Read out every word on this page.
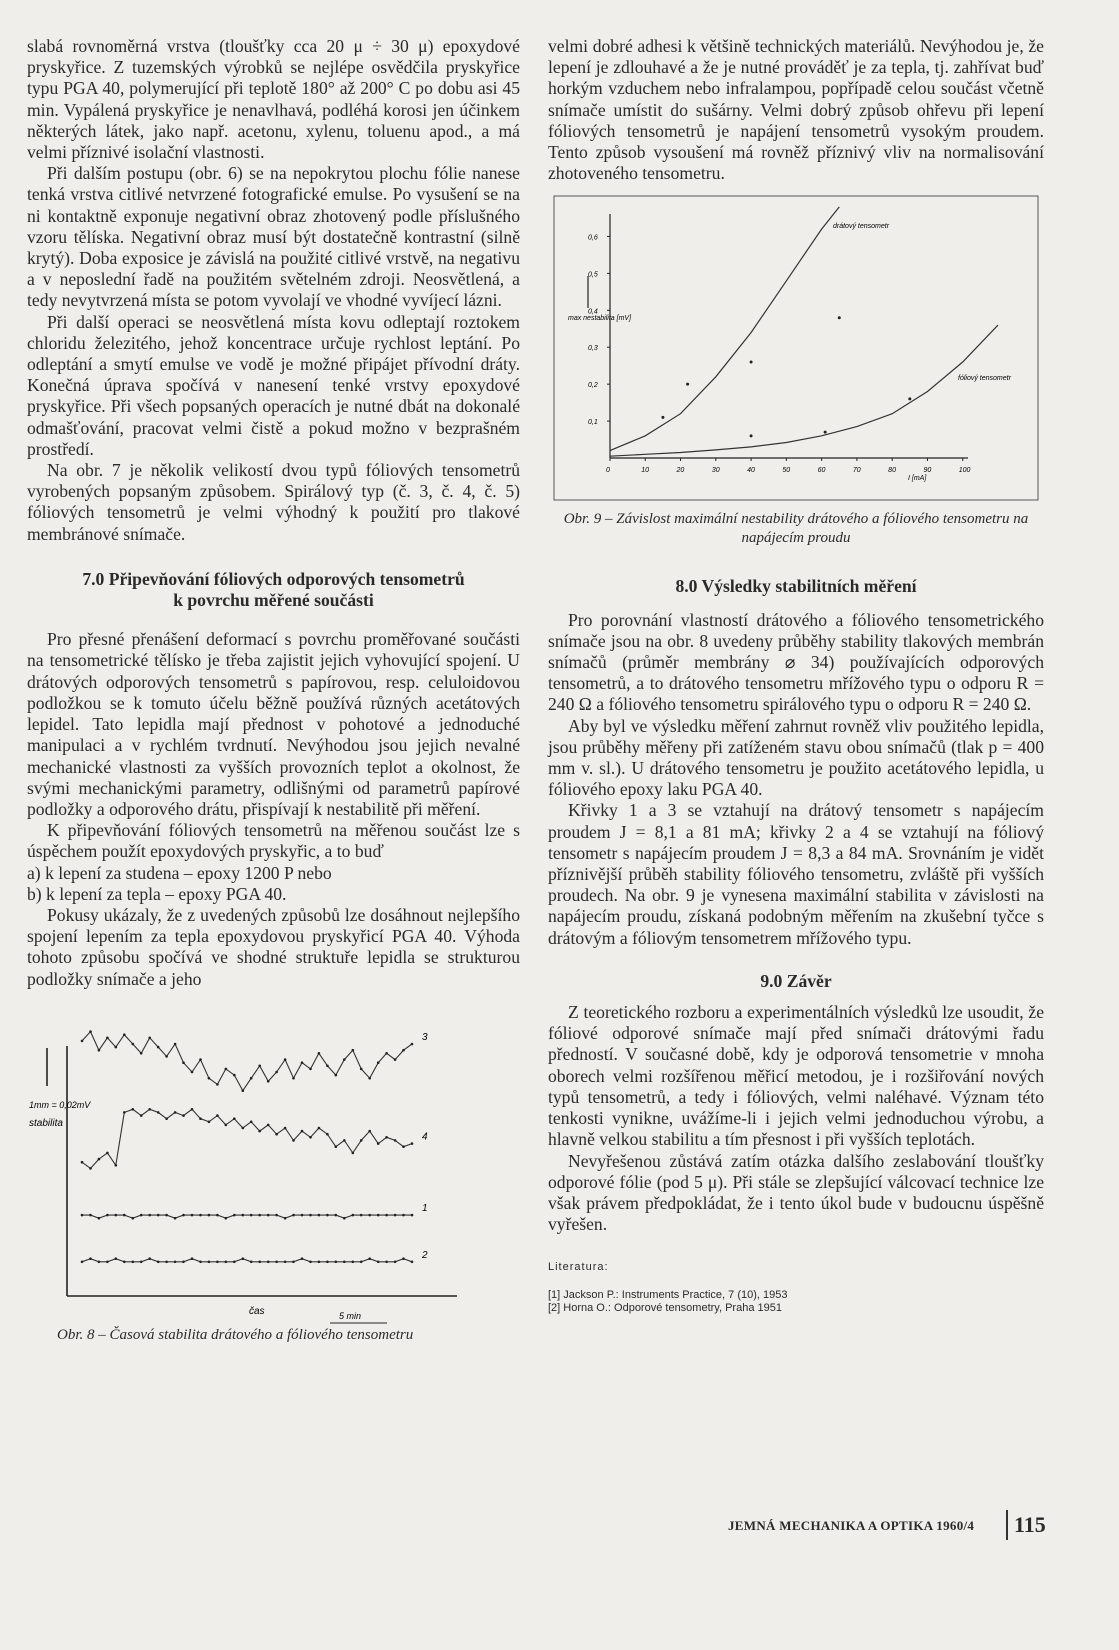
slabá rovnoměrná vrstva (tloušťky cca 20 μ ÷ 30 μ) epoxydové pryskyřice. Z tuzemských výrobků se nejlépe osvědčila pryskyřice typu PGA 40, polymerující při teplotě 180° až 200° C po dobu asi 45 min. Vypálená pryskyřice je nenavlhavá, podléhá korosi jen účinkem některých látek, jako např. acetonu, xylenu, toluenu apod., a má velmi příznivé isolační vlastnosti.

Při dalším postupu (obr. 6) se na nepokrytou plochu fólie nanese tenká vrstva citlivé netvrzené fotografické emulse. Po vysušení se na ni kontaktně exponuje negativní obraz zhotovený podle příslušného vzoru tělíska. Negativní obraz musí být dostatečně kontrastní (silně krytý). Doba exposice je závislá na použité citlivé vrstvě, na negativu a v neposlední řadě na použitém světelném zdroji. Neosvětlená, a tedy nevytvrzená místa se potom vyvolají ve vhodné vyvíjecí lázni.

Při další operaci se neosvětlená místa kovu odleptají roztokem chloridu železitého, jehož koncentrace určuje rychlost leptání. Po odleptání a smytí emulse ve vodě je možné připájet přívodní dráty. Konečná úprava spočívá v nanesení tenké vrstvy epoxydové pryskyřice. Při všech popsaných operacích je nutné dbát na dokonalé odmašťování, pracovat velmi čistě a pokud možno v bezprašném prostředí.

Na obr. 7 je několik velikostí dvou typů fóliových tensometrů vyrobených popsaným způsobem. Spirálový typ (č. 3, č. 4, č. 5) fóliových tensometrů je velmi výhodný k použití pro tlakové membránové snímače.

7.0 Připevňování fóliových odporových tensometrů
k povrchu měřené součásti

Pro přesné přenášení deformací s povrchu proměřované součásti na tensometrické tělísko je třeba zajistit jejich vyhovující spojení. U drátových odporových tensometrů s papírovou, resp. celuloidovou podložkou se k tomuto účelu běžně používá různých acetátových lepidel. Tato lepidla mají přednost v pohotové a jednoduché manipulaci a v rychlém tvrdnutí. Nevýhodou jsou jejich nevalné mechanické vlastnosti za vyšších provozních teplot a okolnost, že svými mechanickými parametry, odlišnými od parametrů papírové podložky a odporového drátu, přispívají k nestabilitě při měření.

K připevňování fóliových tensometrů na měřenou součást lze s úspěchem použít epoxydových pryskyřic, a to buď

a) k lepení za studena – epoxy 1200 P nebo

b) k lepení za tepla – epoxy PGA 40.

Pokusy ukázaly, že z uvedených způsobů lze dosáhnout nejlepšího spojení lepením za tepla epoxydovou pryskyřicí PGA 40. Výhoda tohoto způsobu spočívá ve shodné struktuře lepidla se strukturou podložky snímače a jeho

1mm = 0,02mV
stabilita
čas	5 min
3
4
1
2
Obr. 8 – Časová stabilita drátového a fóliového tensometru

velmi dobré adhesi k většině technických materiálů. Nevýhodou je, že lepení je zdlouhavé a že je nutné prováděť je za tepla, tj. zahřívat buď horkým vzduchem nebo infralampou, popřípadě celou součást včetně snímače umístit do sušárny. Velmi dobrý způsob ohřevu při lepení fóliových tensometrů je napájení tensometrů vysokým proudem. Tento způsob vysoušení má rovněž příznivý vliv na normalisování zhotoveného tensometru.

max nestabilita [mV]
0,1
0,2
0,3
0,4
0,5
0,6
0	10	20	30	40	50	60	70	80	90	100
I [mA]
drátový tensometr
fóliový tensometr
Obr. 9 – Závislost maximální nestability drátového a fóliového tensometru na napájecím proudu
8.0 Výsledky stabilitních měření

Pro porovnání vlastností drátového a fóliového tensometrického snímače jsou na obr. 8 uvedeny průběhy stability tlakových membrán snímačů (průměr membrány ⌀ 34) používajících odporových tensometrů, a to drátového tensometru mřížového typu o odporu R = 240 Ω a fóliového tensometru spirálového typu o odporu R = 240 Ω.

Aby byl ve výsledku měření zahrnut rovněž vliv použitého lepidla, jsou průběhy měřeny při zatíženém stavu obou snímačů (tlak p = 400 mm v. sl.). U drátového tensometru je použito acetátového lepidla, u fóliového epoxy laku PGA 40.

Křivky 1 a 3 se vztahují na drátový tensometr s napájecím proudem J = 8,1 a 81 mA; křivky 2 a 4 se vztahují na fóliový tensometr s napájecím proudem J = 8,3 a 84 mA. Srovnáním je vidět příznivější průběh stability fóliového tensometru, zvláště při vyšších proudech. Na obr. 9 je vynesena maximální stabilita v závislosti na napájecím proudu, získaná podobným měřením na zkušební tyčce s drátovým a fóliovým tensometrem mřížového typu.

9.0 Závěr

Z teoretického rozboru a experimentálních výsledků lze usoudit, že fóliové odporové snímače mají před snímači drátovými řadu předností. V současné době, kdy je odporová tensometrie v mnoha oborech velmi rozšířenou měřicí metodou, je i rozšiřování nových typů tensometrů, a tedy i fóliových, velmi naléhavé. Význam této tenkosti vynikne, uvážíme-li i jejich velmi jednoduchou výrobu, a hlavně velkou stabilitu a tím přesnost i při vyšších teplotách.

Nevyřešenou zůstává zatím otázka dalšího zeslabování tloušťky odporové fólie (pod 5 μ). Při stále se zlepšující válcovací technice lze však právem předpokládat, že i tento úkol bude v budoucnu úspěšně vyřešen.

Literatura:
[1] Jackson P.: Instruments Practice, 7 (10), 1953
[2] Horna O.: Odporové tensometry, Praha 1951
JEMNÁ MECHANIKA A OPTIKA 1960/4 115
